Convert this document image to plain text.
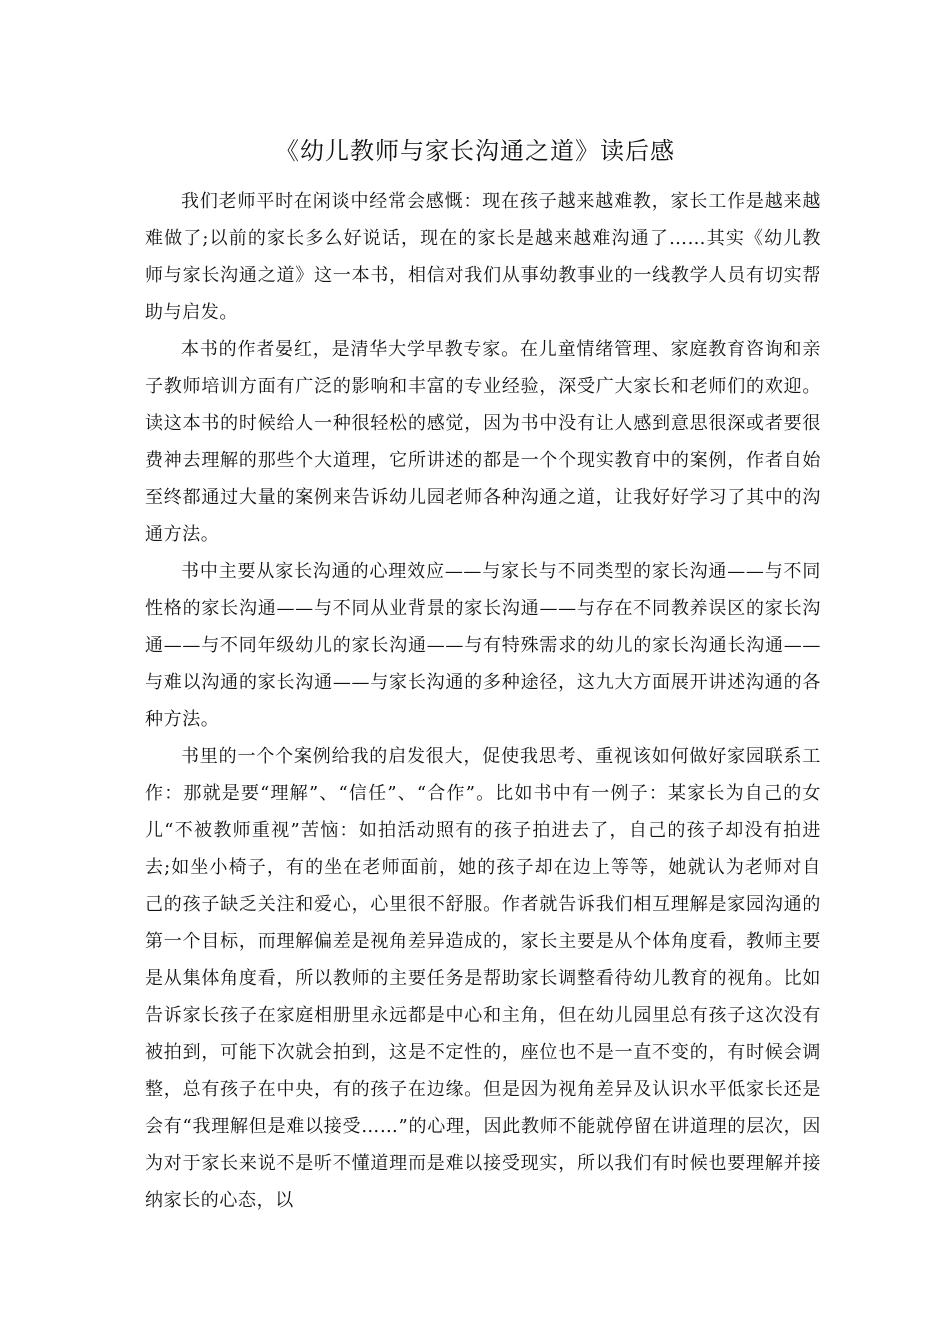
《幼儿教师与家长沟通之道》读后感

我们老师平时在闲谈中经常会感慨：现在孩子越来越难教，家长工作是越来越难做了;以前的家长多么好说话，现在的家长是越来越难沟通了……其实《幼儿教师与家长沟通之道》这一本书，相信对我们从事幼教事业的一线教学人员有切实帮助与启发。

本书的作者晏红，是清华大学早教专家。在儿童情绪管理、家庭教育咨询和亲子教师培训方面有广泛的影响和丰富的专业经验，深受广大家长和老师们的欢迎。读这本书的时候给人一种很轻松的感觉，因为书中没有让人感到意思很深或者要很费神去理解的那些个大道理，它所讲述的都是一个个现实教育中的案例，作者自始至终都通过大量的案例来告诉幼儿园老师各种沟通之道，让我好好学习了其中的沟通方法。

书中主要从家长沟通的心理效应——与家长与不同类型的家长沟通——与不同性格的家长沟通——与不同从业背景的家长沟通——与存在不同教养误区的家长沟通——与不同年级幼儿的家长沟通——与有特殊需求的幼儿的家长沟通长沟通——与难以沟通的家长沟通——与家长沟通的多种途径，这九大方面展开讲述沟通的各种方法。

书里的一个个案例给我的启发很大，促使我思考、重视该如何做好家园联系工作：那就是要“理解”、“信任”、“合作”。比如书中有一例子：某家长为自己的女儿“不被教师重视”苦恼：如拍活动照有的孩子拍进去了，自己的孩子却没有拍进去;如坐小椅子，有的坐在老师面前，她的孩子却在边上等等，她就认为老师对自己的孩子缺乏关注和爱心，心里很不舒服。作者就告诉我们相互理解是家园沟通的第一个目标，而理解偏差是视角差异造成的，家长主要是从个体角度看，教师主要是从集体角度看，所以教师的主要任务是帮助家长调整看待幼儿教育的视角。比如告诉家长孩子在家庭相册里永远都是中心和主角，但在幼儿园里总有孩子这次没有被拍到，可能下次就会拍到，这是不定性的，座位也不是一直不变的，有时候会调整，总有孩子在中央，有的孩子在边缘。但是因为视角差异及认识水平低家长还是会有“我理解但是难以接受……”的心理，因此教师不能就停留在讲道理的层次，因为对于家长来说不是听不懂道理而是难以接受现实，所以我们有时候也要理解并接纳家长的心态，以
